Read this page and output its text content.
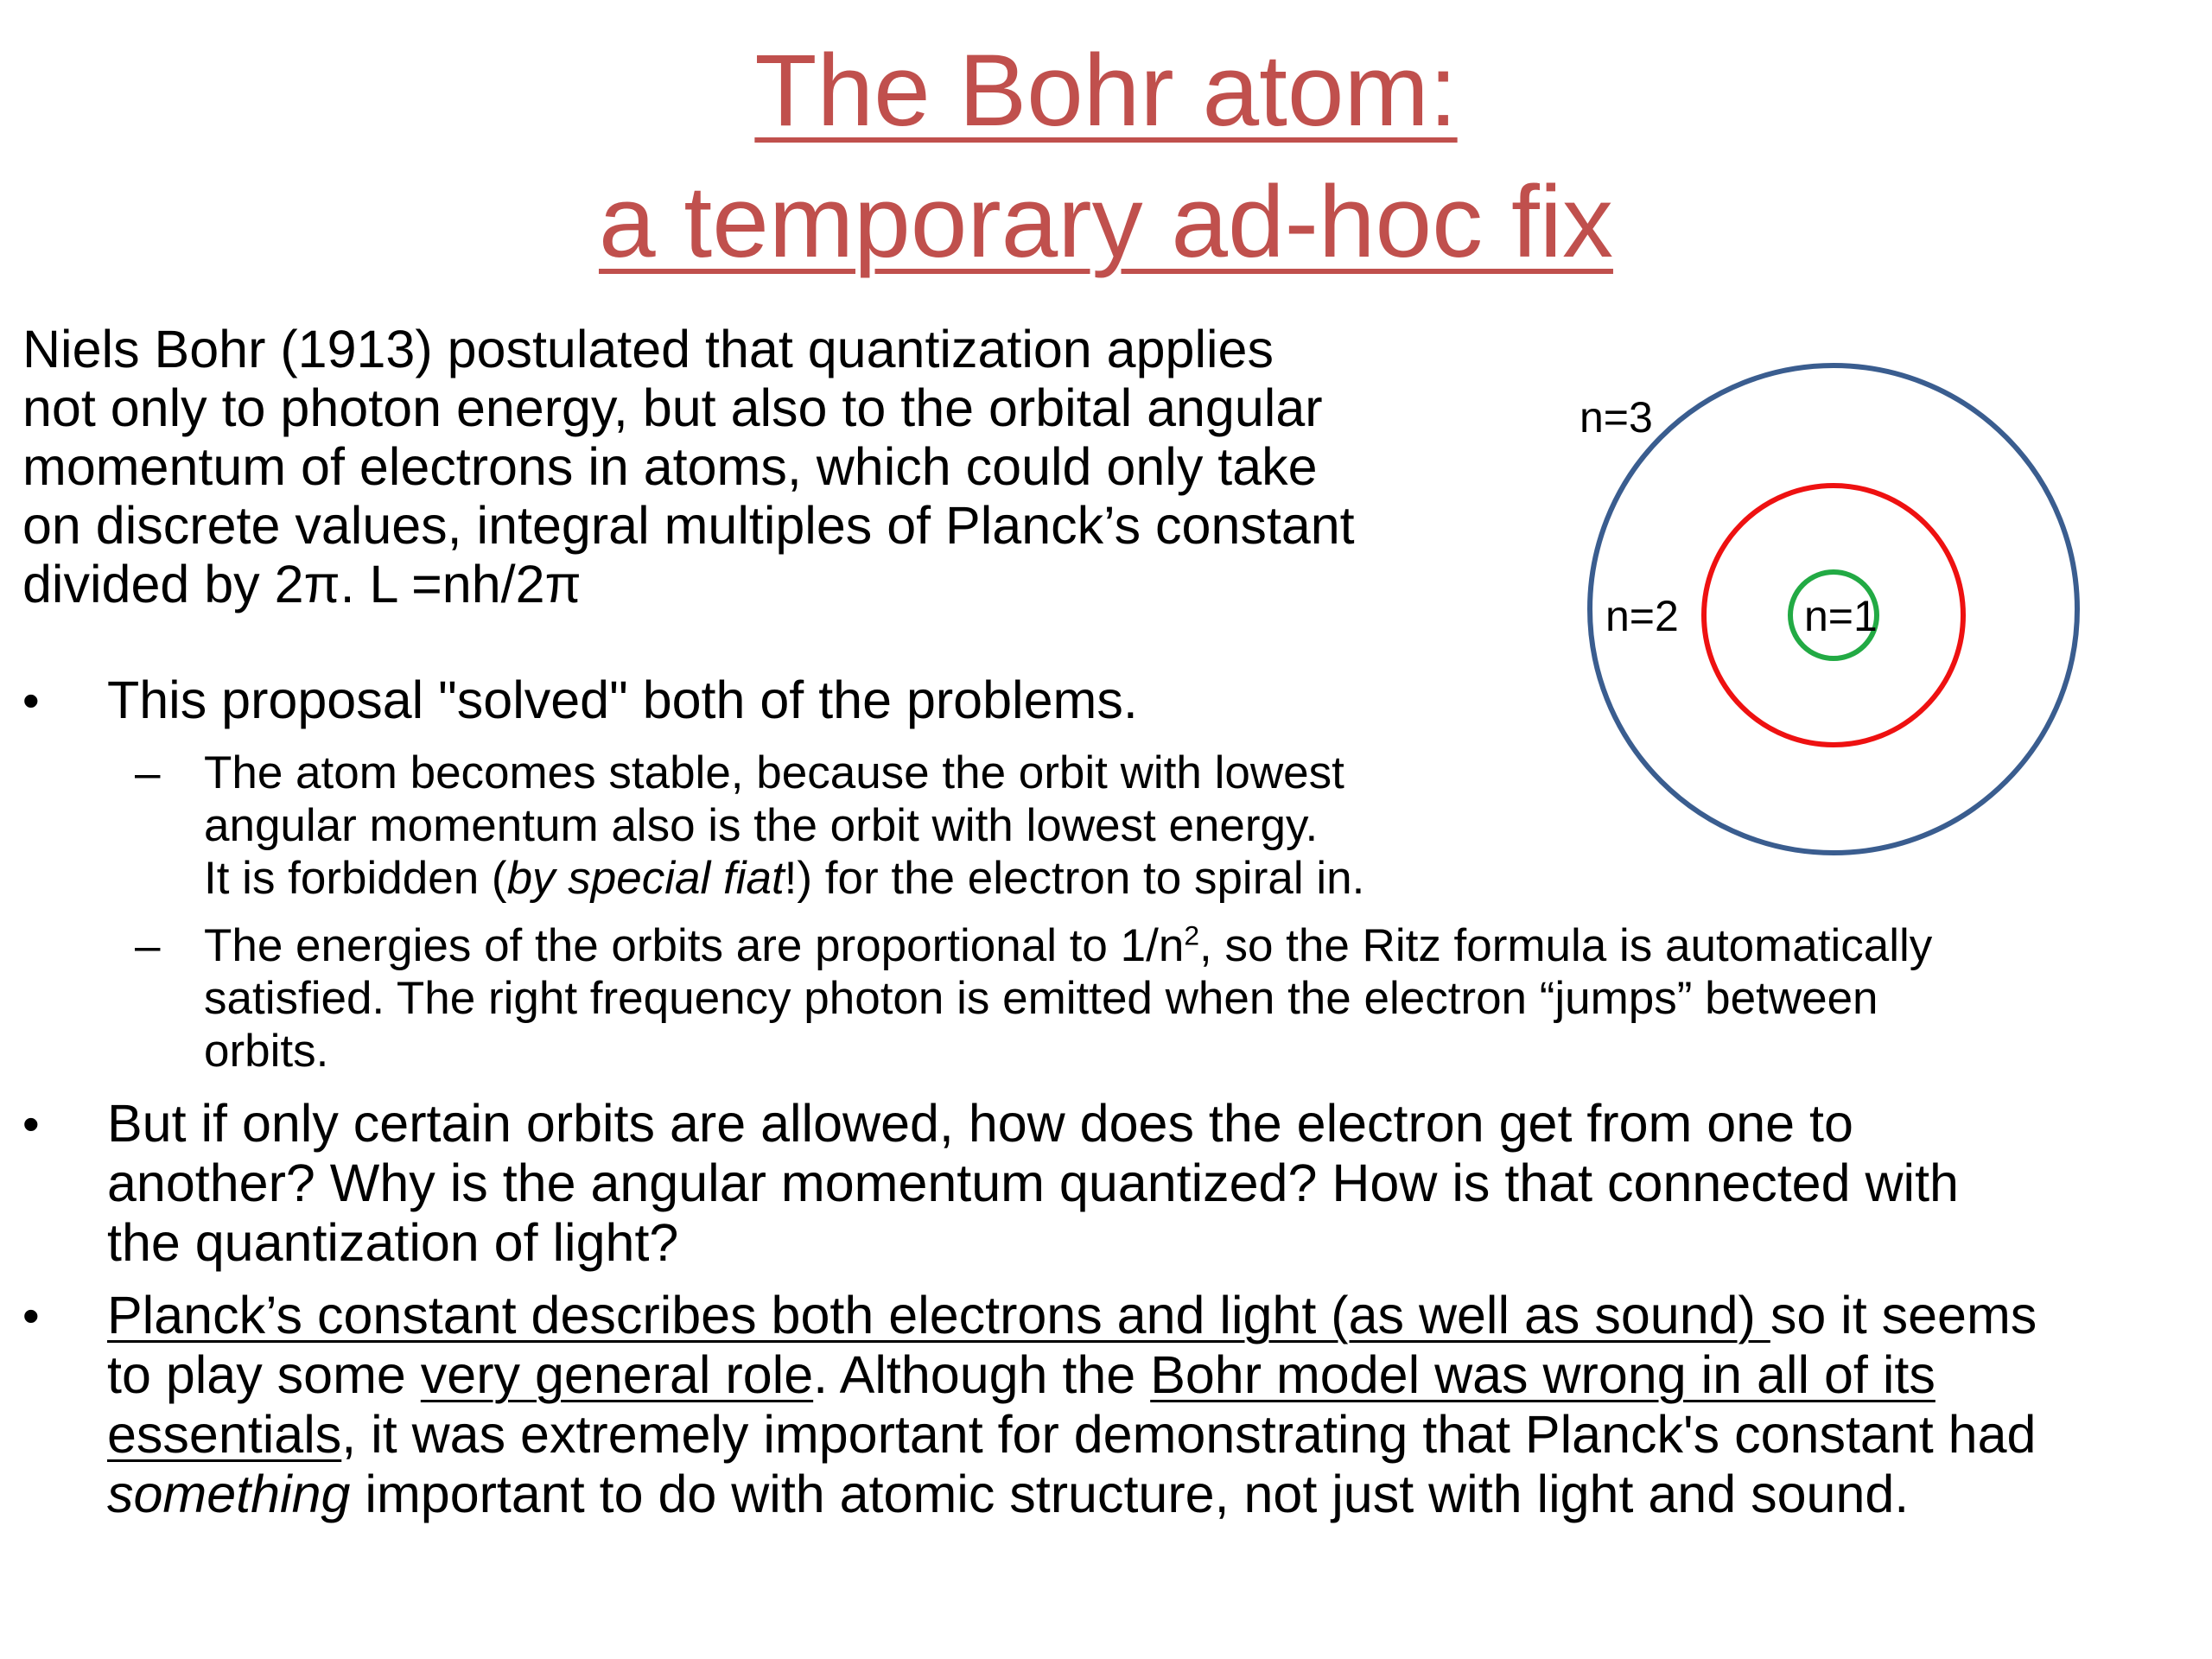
The Bohr atom:
a temporary ad-hoc fix
Niels Bohr (1913) postulated that quantization applies
not only to photon energy, but also to the orbital angular
momentum of electrons in atoms, which could only take
on discrete values, integral multiples of Planck’s constant
divided by 2π. L =nh/2π
n=3
n=2	n=1
• This proposal "solved" both of the problems.
– The atom becomes stable, because the orbit with lowest
angular momentum also is the orbit with lowest energy.
It is forbidden (by special fiat!) for the electron to spiral in.
– The energies of the orbits are proportional to $1/n^2$, so the Ritz formula is automatically
satisfied. The right frequency photon is emitted when the electron “jumps” between
orbits.
• But if only certain orbits are allowed, how does the electron get from one to
another? Why is the angular momentum quantized? How is that connected with
the quantization of light?
• Planck’s constant describes both electrons and light (as well as sound) so it seems
to play some very general role. Although the Bohr model was wrong in all of its
essentials, it was extremely important for demonstrating that Planck's constant had
something important to do with atomic structure, not just with light and sound.
